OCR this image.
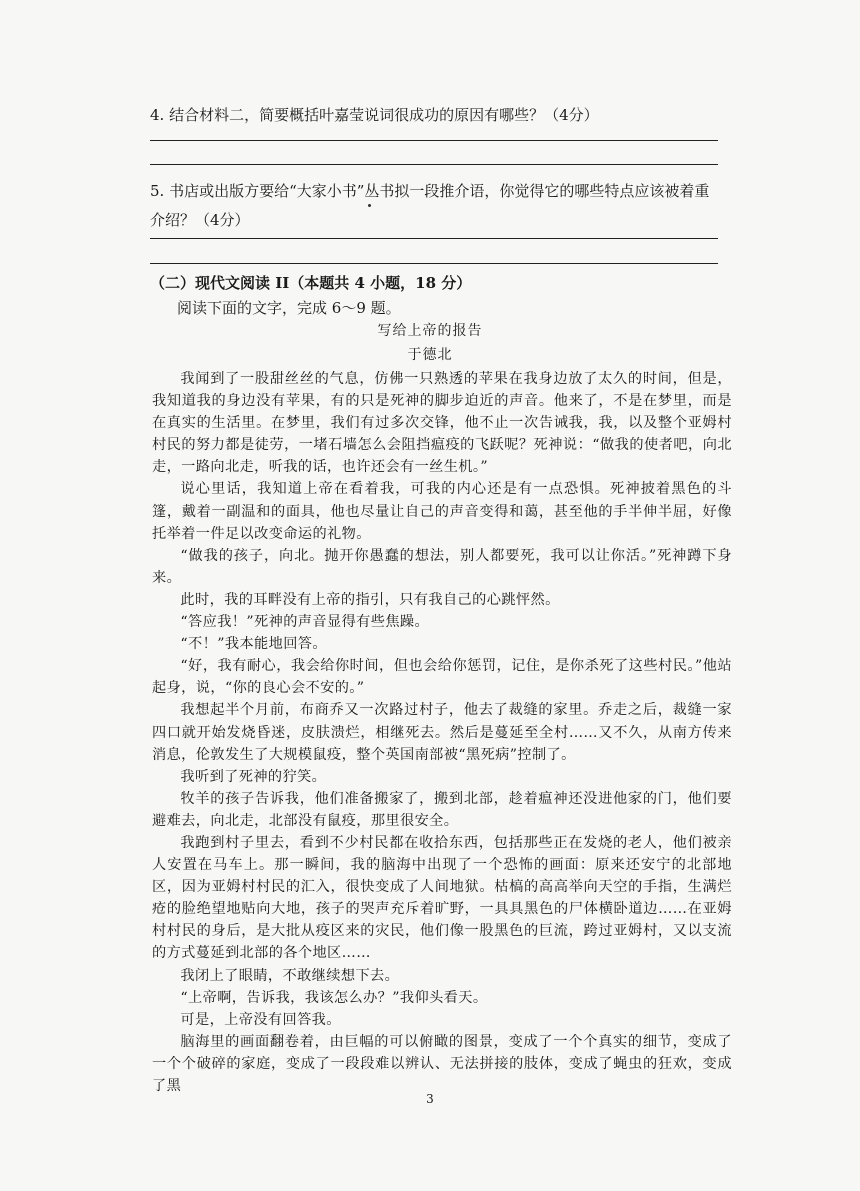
4. 结合材料二，简要概括叶嘉莹说词很成功的原因有哪些？（4分）

5. 书店或出版方要给“大家小书”丛书拟一段推介语，你觉得它的哪些特点应该被着重介绍？（4分）

（二）现代文阅读 II（本题共 4 小题，18 分）

阅读下面的文字，完成 6～9 题。

写给上帝的报告

于德北

我闻到了一股甜丝丝的气息，仿佛一只熟透的苹果在我身边放了太久的时间，但是，我知道我的身边没有苹果，有的只是死神的脚步迫近的声音。他来了，不是在梦里，而是在真实的生活里。在梦里，我们有过多次交锋，他不止一次告诫我，我，以及整个亚姆村村民的努力都是徒劳，一堵石墙怎么会阻挡瘟疫的飞跃呢？死神说：“做我的使者吧，向北走，一路向北走，听我的话，也许还会有一丝生机。”

说心里话，我知道上帝在看着我，可我的内心还是有一点恐惧。死神披着黑色的斗篷，戴着一副温和的面具，他也尽量让自己的声音变得和蔼，甚至他的手半伸半屈，好像托举着一件足以改变命运的礼物。

“做我的孩子，向北。抛开你愚蠢的想法，别人都要死，我可以让你活。”死神蹲下身来。

此时，我的耳畔没有上帝的指引，只有我自己的心跳怦然。

“答应我！”死神的声音显得有些焦躁。

“不！”我本能地回答。

“好，我有耐心，我会给你时间，但也会给你惩罚，记住，是你杀死了这些村民。”他站起身，说，“你的良心会不安的。”

我想起半个月前，布商乔又一次路过村子，他去了裁缝的家里。乔走之后，裁缝一家四口就开始发烧昏迷，皮肤溃烂，相继死去。然后是蔓延至全村……又不久，从南方传来消息，伦敦发生了大规模鼠疫，整个英国南部被“黑死病”控制了。

我听到了死神的狞笑。

牧羊的孩子告诉我，他们准备搬家了，搬到北部，趁着瘟神还没进他家的门，他们要避难去，向北走，北部没有鼠疫，那里很安全。

我跑到村子里去，看到不少村民都在收拾东西，包括那些正在发烧的老人，他们被亲人安置在马车上。那一瞬间，我的脑海中出现了一个恐怖的画面：原来还安宁的北部地区，因为亚姆村村民的汇入，很快变成了人间地狱。枯槁的高高举向天空的手指，生满烂疮的脸绝望地贴向大地，孩子的哭声充斥着旷野，一具具黑色的尸体横卧道边……在亚姆村村民的身后，是大批从疫区来的灾民，他们像一股黑色的巨流，跨过亚姆村，又以支流的方式蔓延到北部的各个地区……

我闭上了眼睛，不敢继续想下去。

“上帝啊，告诉我，我该怎么办？”我仰头看天。

可是，上帝没有回答我。

脑海里的画面翻卷着，由巨幅的可以俯瞰的图景，变成了一个个真实的细节，变成了一个个破碎的家庭，变成了一段段难以辨认、无法拼接的肢体，变成了蝇虫的狂欢，变成了黑

3
